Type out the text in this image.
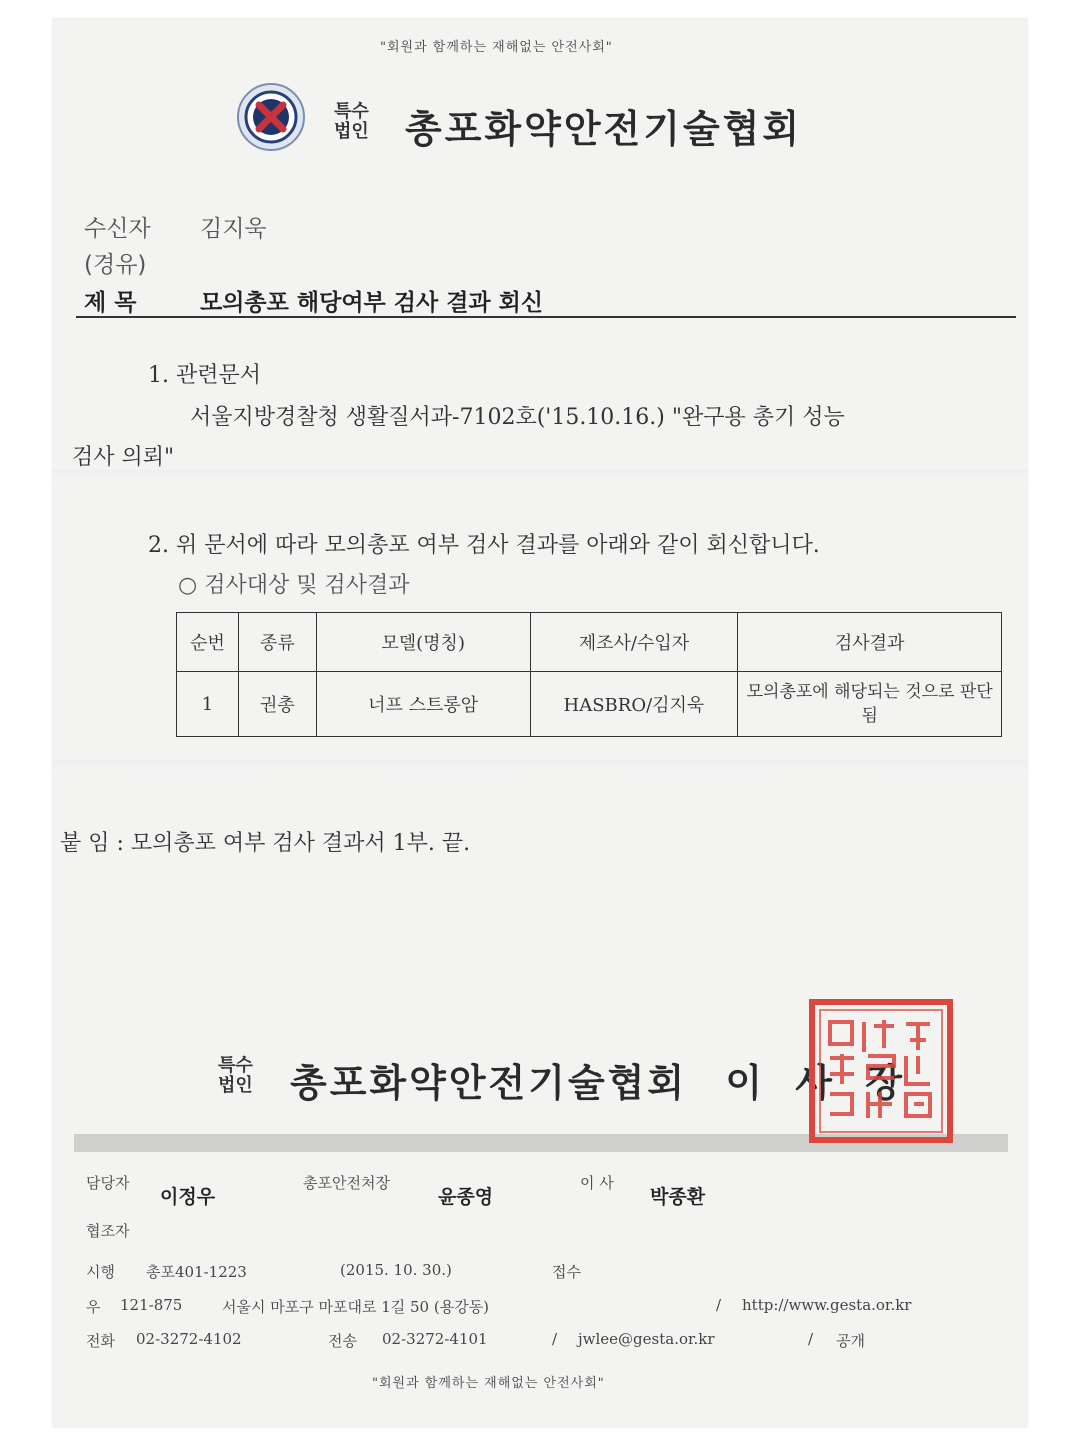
"회원과 함께하는 재해없는 안전사회"
특수
법인 총포화약안전기술협회
수신자 김지욱
(경유)
제 목	모의총포 해당여부 검사 결과 회신
1. 관련문서
서울지방경찰청 생활질서과-7102호('15.10.16.) "완구용 총기 성능
검사 의뢰"
2. 위 문서에 따라 모의총포 여부 검사 결과를 아래와 같이 회신합니다.
○ 검사대상 및 검사결과
순번	종류	모델(명칭)	제조사/수입자	검사결과
1	권총	너프 스트롱암	HASBRO/김지욱	모의총포에 해당되는 것으로 판단됨
붙 임 : 모의총포 여부 검사 결과서 1부. 끝.
특수
법인 총포화약안전기술협회 이 사 장
담당자
이정우
총포안전처장
윤종영
이 사
박종환
협조자
시행 총포401-1223	(2015. 10. 30.)	접수
우 121-875	서울시 마포구 마포대로 1길 50 (용강동)	/ http://www.gesta.or.kr
전화 02-3272-4102	전송 02-3272-4101	/ jwlee@gesta.or.kr	/ 공개
"회원과 함께하는 재해없는 안전사회"
